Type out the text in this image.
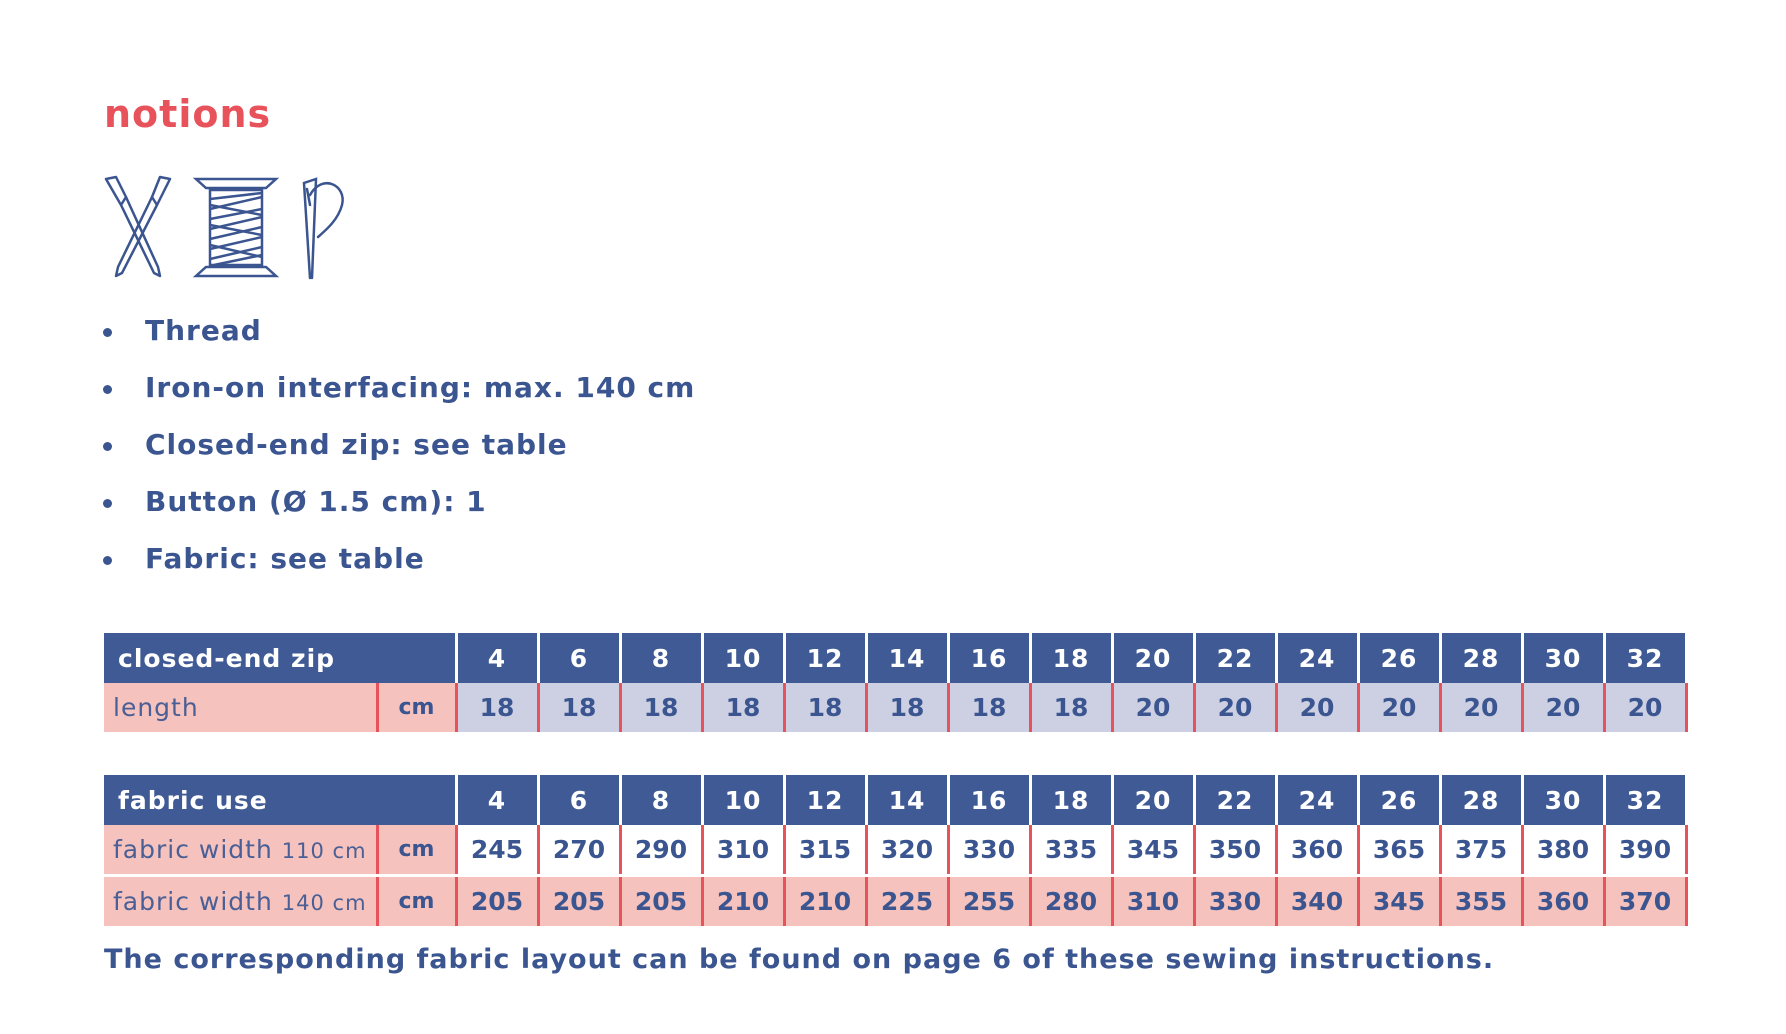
notions
Thread
Iron-on interfacing: max. 140 cm
Closed-end zip: see table
Button (Ø 1.5 cm): 1
Fabric: see table
closed-end zip		4	6	8	10	12	14	16	18	20	22	24	26	28	30	32
length	cm	18	18	18	18	18	18	18	18	20	20	20	20	20	20	20
fabric use		4	6	8	10	12	14	16	18	20	22	24	26	28	30	32
fabric width 110 cm	cm	245	270	290	310	315	320	330	335	345	350	360	365	375	380	390
fabric width 140 cm	cm	205	205	205	210	210	225	255	280	310	330	340	345	355	360	370
The corresponding fabric layout can be found on page 6 of these sewing instructions.
